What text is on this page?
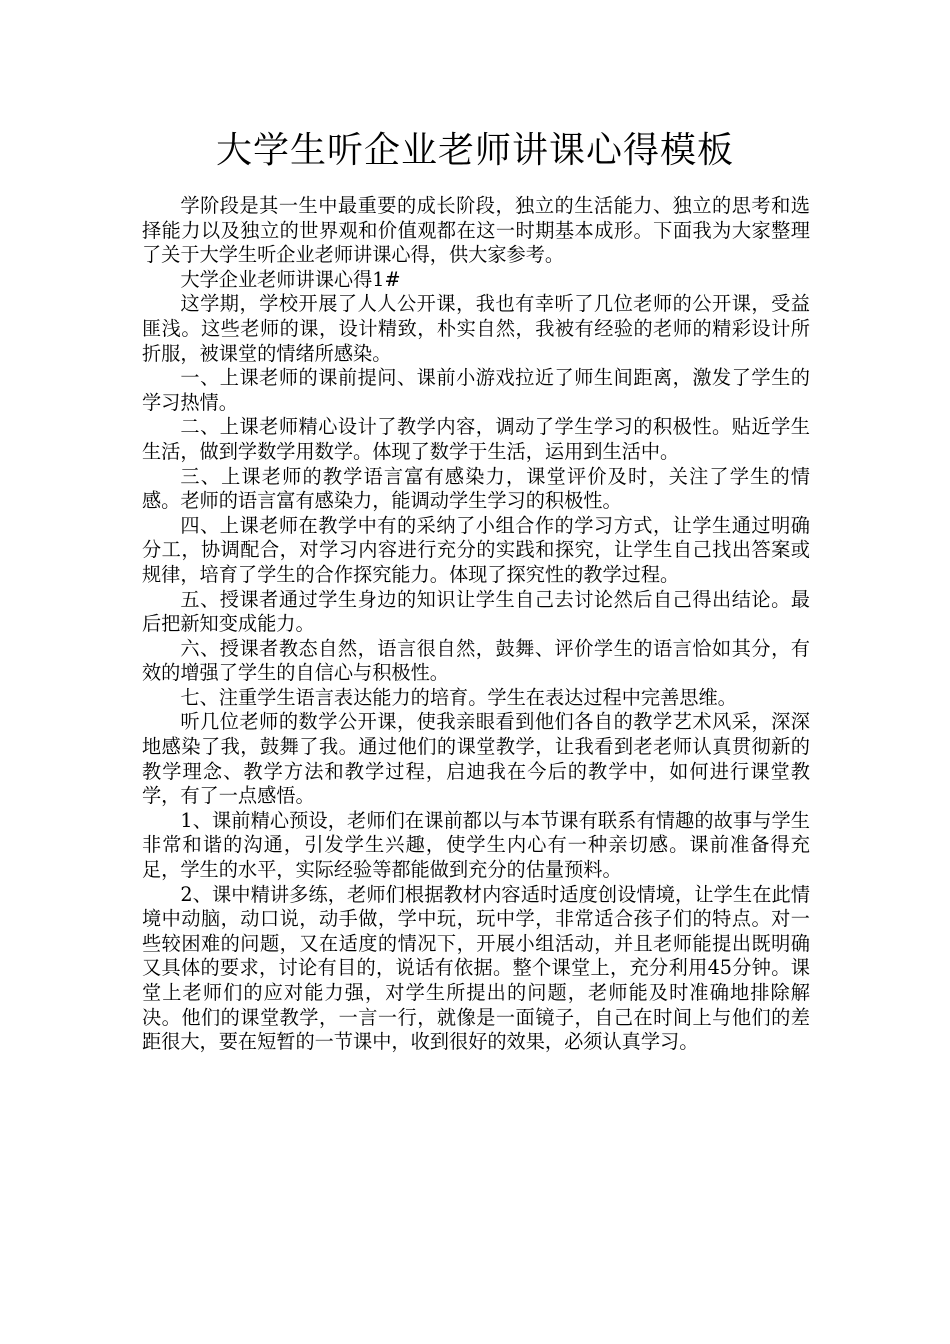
大学生听企业老师讲课心得模板

学阶段是其一生中最重要的成长阶段，独立的生活能力、独立的思考和选择能力以及独立的世界观和价值观都在这一时期基本成形。下面我为大家整理了关于大学生听企业老师讲课心得，供大家参考。

大学企业老师讲课心得1#

这学期，学校开展了人人公开课，我也有幸听了几位老师的公开课，受益匪浅。这些老师的课，设计精致，朴实自然，我被有经验的老师的精彩设计所折服，被课堂的情绪所感染。

一、上课老师的课前提问、课前小游戏拉近了师生间距离，激发了学生的学习热情。

二、上课老师精心设计了教学内容，调动了学生学习的积极性。贴近学生生活，做到学数学用数学。体现了数学于生活，运用到生活中。

三、上课老师的教学语言富有感染力，课堂评价及时，关注了学生的情感。老师的语言富有感染力，能调动学生学习的积极性。

四、上课老师在教学中有的采纳了小组合作的学习方式，让学生通过明确分工，协调配合，对学习内容进行充分的实践和探究，让学生自己找出答案或规律，培育了学生的合作探究能力。体现了探究性的教学过程。

五、授课者通过学生身边的知识让学生自己去讨论然后自己得出结论。最后把新知变成能力。

六、授课者教态自然，语言很自然，鼓舞、评价学生的语言恰如其分，有效的增强了学生的自信心与积极性。

七、注重学生语言表达能力的培育。学生在表达过程中完善思维。

听几位老师的数学公开课，使我亲眼看到他们各自的教学艺术风采，深深地感染了我，鼓舞了我。通过他们的课堂教学，让我看到老老师认真贯彻新的教学理念、教学方法和教学过程，启迪我在今后的教学中，如何进行课堂教学，有了一点感悟。

1、课前精心预设，老师们在课前都以与本节课有联系有情趣的故事与学生非常和谐的沟通，引发学生兴趣，使学生内心有一种亲切感。课前准备得充足，学生的水平，实际经验等都能做到充分的估量预料。

2、课中精讲多练，老师们根据教材内容适时适度创设情境，让学生在此情境中动脑，动口说，动手做，学中玩，玩中学，非常适合孩子们的特点。对一些较困难的问题，又在适度的情况下，开展小组活动，并且老师能提出既明确又具体的要求，讨论有目的，说话有依据。整个课堂上，充分利用45分钟。课堂上老师们的应对能力强，对学生所提出的问题，老师能及时准确地排除解决。他们的课堂教学，一言一行，就像是一面镜子，自己在时间上与他们的差距很大，要在短暂的一节课中，收到很好的效果，必须认真学习。
